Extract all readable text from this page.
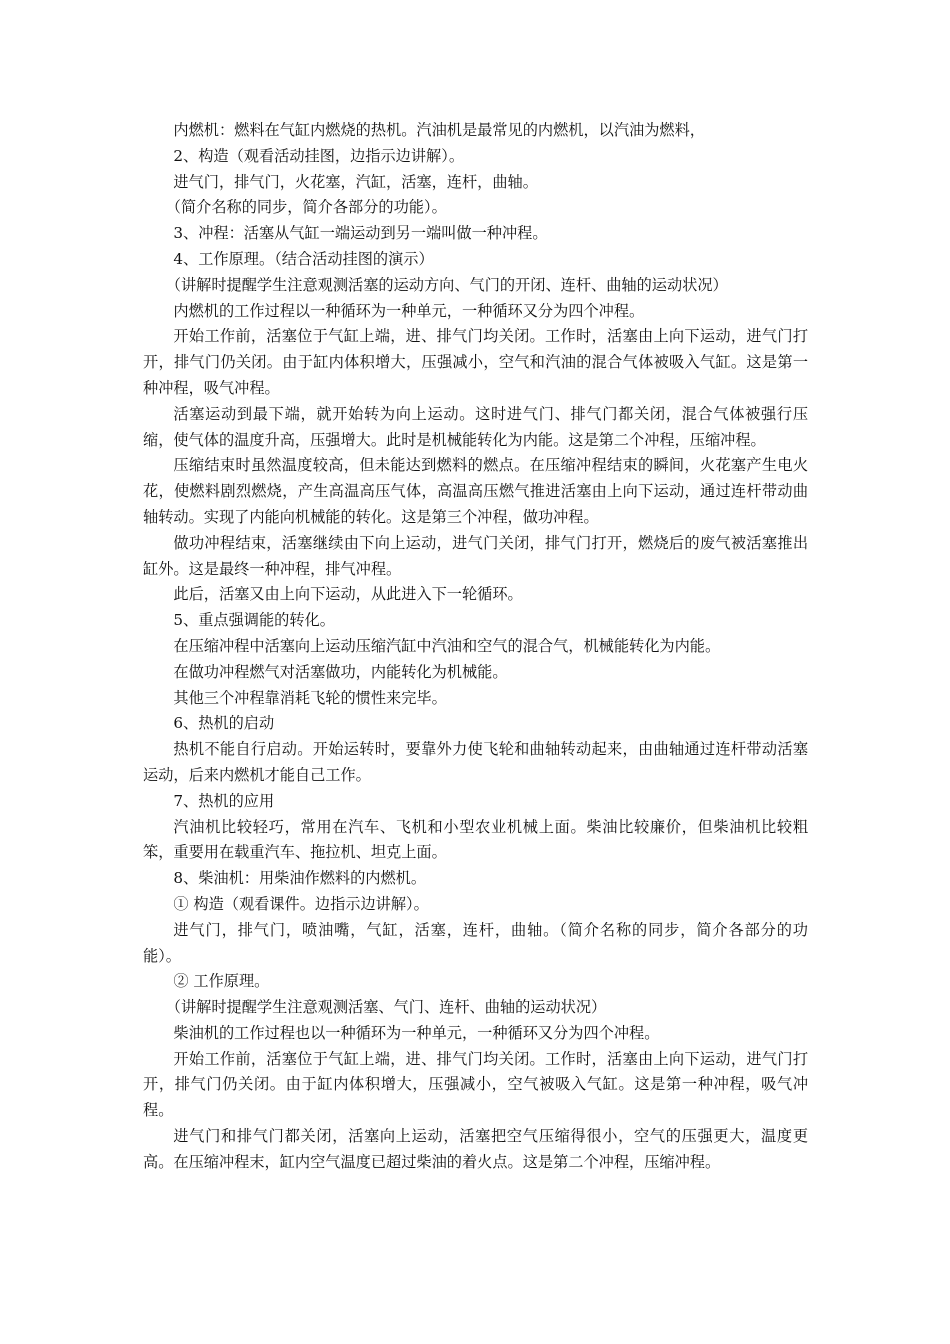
内燃机：燃料在气缸内燃烧的热机。汽油机是最常见的内燃机，以汽油为燃料，

2、构造（观看活动挂图，边指示边讲解）。

进气门，排气门，火花塞，汽缸，活塞，连杆，曲轴。

（简介名称的同步，简介各部分的功能）。

3、冲程：活塞从气缸一端运动到另一端叫做一种冲程。

4、工作原理。（结合活动挂图的演示）

（讲解时提醒学生注意观测活塞的运动方向、气门的开闭、连杆、曲轴的运动状况）

内燃机的工作过程以一种循环为一种单元，一种循环又分为四个冲程。

开始工作前，活塞位于气缸上端，进、排气门均关闭。工作时，活塞由上向下运动，进气门打开，排气门仍关闭。由于缸内体积增大，压强减小，空气和汽油的混合气体被吸入气缸。这是第一种冲程，吸气冲程。

活塞运动到最下端，就开始转为向上运动。这时进气门、排气门都关闭，混合气体被强行压缩，使气体的温度升高，压强增大。此时是机械能转化为内能。这是第二个冲程，压缩冲程。

压缩结束时虽然温度较高，但未能达到燃料的燃点。在压缩冲程结束的瞬间，火花塞产生电火花，使燃料剧烈燃烧，产生高温高压气体，高温高压燃气推进活塞由上向下运动，通过连杆带动曲轴转动。实现了内能向机械能的转化。这是第三个冲程，做功冲程。

做功冲程结束，活塞继续由下向上运动，进气门关闭，排气门打开，燃烧后的废气被活塞推出缸外。这是最终一种冲程，排气冲程。

此后，活塞又由上向下运动，从此进入下一轮循环。

5、重点强调能的转化。

在压缩冲程中活塞向上运动压缩汽缸中汽油和空气的混合气，机械能转化为内能。

在做功冲程燃气对活塞做功，内能转化为机械能。

其他三个冲程靠消耗飞轮的惯性来完毕。

6、热机的启动

热机不能自行启动。开始运转时，要靠外力使飞轮和曲轴转动起来，由曲轴通过连杆带动活塞运动，后来内燃机才能自己工作。

7、热机的应用

汽油机比较轻巧，常用在汽车、飞机和小型农业机械上面。柴油比较廉价，但柴油机比较粗笨，重要用在载重汽车、拖拉机、坦克上面。

8、柴油机：用柴油作燃料的内燃机。

① 构造（观看课件。边指示边讲解）。

进气门，排气门，喷油嘴，气缸，活塞，连杆，曲轴。（简介名称的同步，简介各部分的功能）。

② 工作原理。

（讲解时提醒学生注意观测活塞、气门、连杆、曲轴的运动状况）

柴油机的工作过程也以一种循环为一种单元，一种循环又分为四个冲程。

开始工作前，活塞位于气缸上端，进、排气门均关闭。工作时，活塞由上向下运动，进气门打开，排气门仍关闭。由于缸内体积增大，压强减小，空气被吸入气缸。这是第一种冲程，吸气冲程。

进气门和排气门都关闭，活塞向上运动，活塞把空气压缩得很小，空气的压强更大，温度更高。在压缩冲程末，缸内空气温度已超过柴油的着火点。这是第二个冲程，压缩冲程。
